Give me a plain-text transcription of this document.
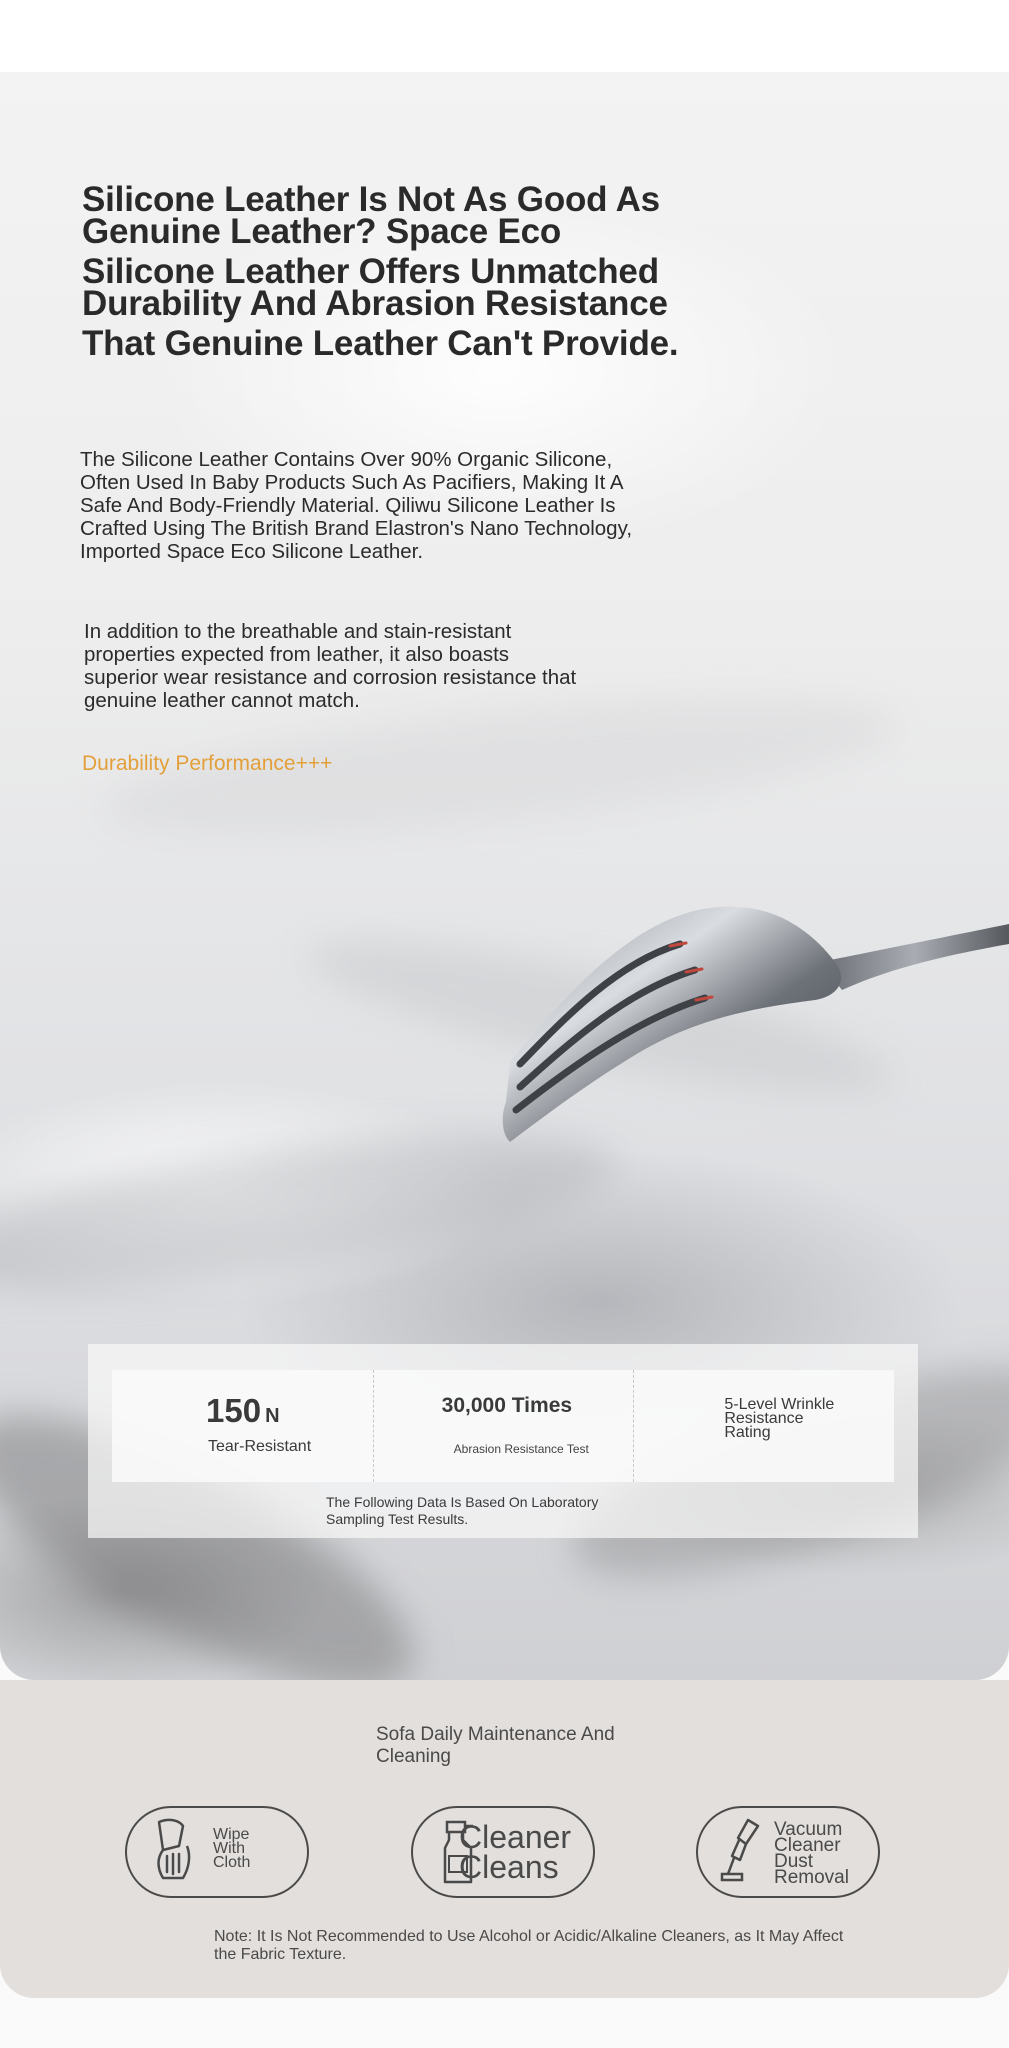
Silicone Leather Is Not As Good As Genuine Leather? Space Eco
Silicone Leather Offers Unmatched Durability And Abrasion Resistance
That Genuine Leather Can't Provide.

The Silicone Leather Contains Over 90% Organic Silicone, Often Used In Baby Products Such As Pacifiers, Making It A Safe And Body-Friendly Material. Qiliwu Silicone Leather Is Crafted Using The British Brand Elastron's Nano Technology, Imported Space Eco Silicone Leather.

In addition to the breathable and stain-resistant properties expected from leather, it also boasts superior wear resistance and corrosion resistance that genuine leather cannot match.

Durability Performance+++
150 N
Tear-Resistant
30,000 Times
Abrasion Resistance Test
5-Level Wrinkle Resistance Rating
The Following Data Is Based On Laboratory Sampling Test Results.
Sofa Daily Maintenance And Cleaning
Wipe With Cloth
Cleaner Cleans
Vacuum Cleaner Dust Removal
Note: It Is Not Recommended to Use Alcohol or Acidic/Alkaline Cleaners, as It May Affect the Fabric Texture.
